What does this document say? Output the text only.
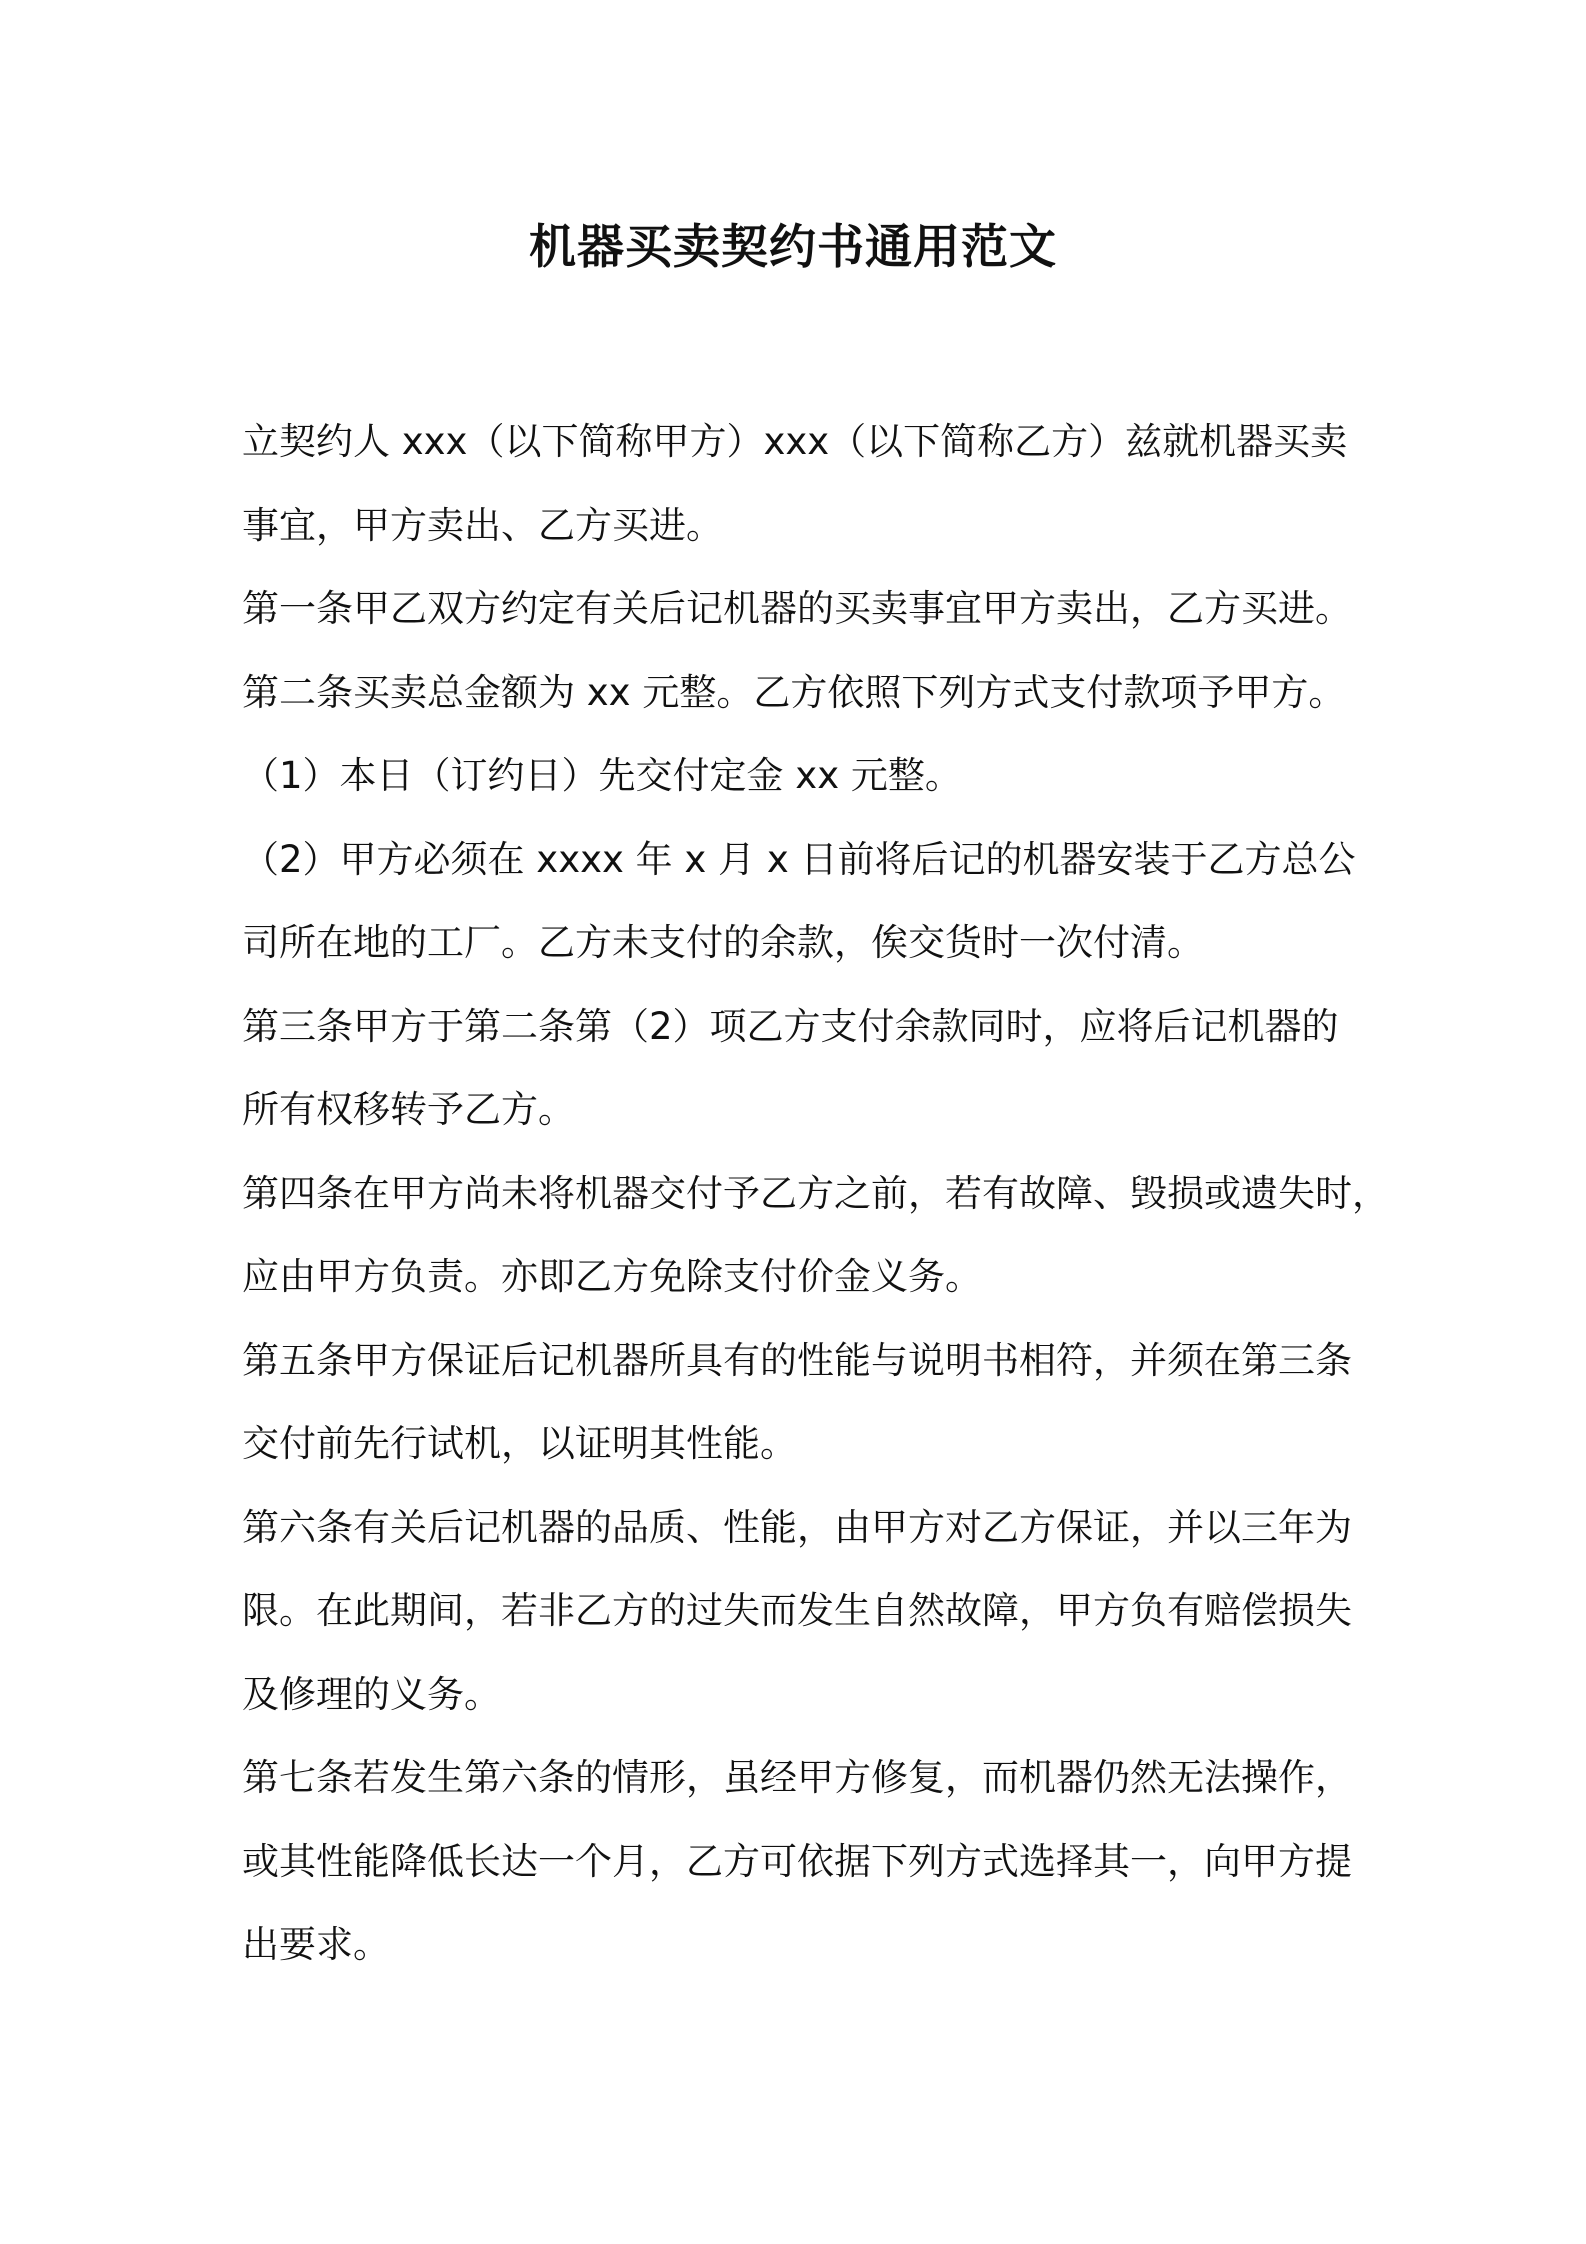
机器买卖契约书通用范文
立契约人 xxx（以下简称甲方）xxx（以下简称乙方）兹就机器买卖
事宜，甲方卖出、乙方买进。
第一条甲乙双方约定有关后记机器的买卖事宜甲方卖出，乙方买进。
第二条买卖总金额为 xx 元整。乙方依照下列方式支付款项予甲方。
（1）本日（订约日）先交付定金 xx 元整。
（2）甲方必须在 xxxx 年 x 月 x 日前将后记的机器安装于乙方总公
司所在地的工厂。乙方未支付的余款，俟交货时一次付清。
第三条甲方于第二条第（2）项乙方支付余款同时，应将后记机器的
所有权移转予乙方。
第四条在甲方尚未将机器交付予乙方之前，若有故障、毁损或遗失时，
应由甲方负责。亦即乙方免除支付价金义务。
第五条甲方保证后记机器所具有的性能与说明书相符，并须在第三条
交付前先行试机，以证明其性能。
第六条有关后记机器的品质、性能，由甲方对乙方保证，并以三年为
限。在此期间，若非乙方的过失而发生自然故障，甲方负有赔偿损失
及修理的义务。
第七条若发生第六条的情形，虽经甲方修复，而机器仍然无法操作，
或其性能降低长达一个月，乙方可依据下列方式选择其一，向甲方提
出要求。
